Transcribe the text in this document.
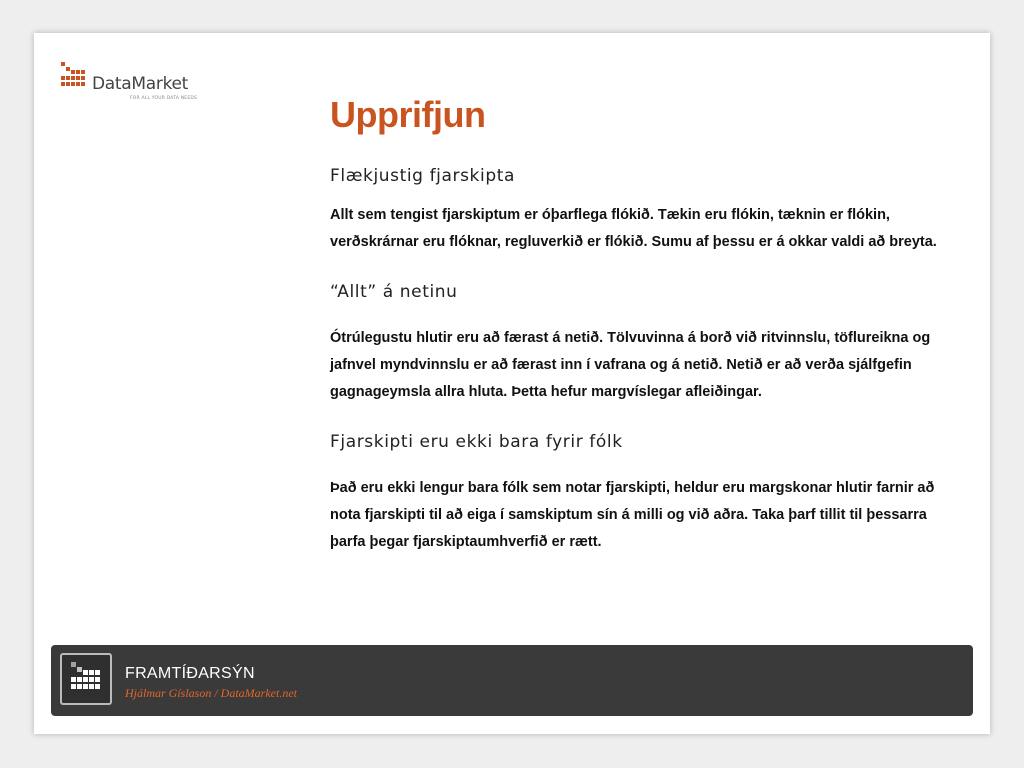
DataMarket
FOR ALL YOUR DATA NEEDS	Upprifjun
Flækjustig fjarskipta

Allt sem tengist fjarskiptum er óþarflega flókið. Tækin eru flókin, tæknin er flókin, verðskrárnar eru flóknar, regluverkið er flókið. Sumu af þessu er á okkar valdi að breyta.

“Allt” á netinu

Ótrúlegustu hlutir eru að færast á netið. Tölvuvinna á borð við ritvinnslu, töflureikna og jafnvel myndvinnslu er að færast inn í vafrana og á netið. Netið er að verða sjálfgefin gagnageymsla allra hluta. Þetta hefur margvíslegar afleiðingar.

Fjarskipti eru ekki bara fyrir fólk

Það eru ekki lengur bara fólk sem notar fjarskipti, heldur eru margskonar hlutir farnir að nota fjarskipti til að eiga í samskiptum sín á milli og við aðra. Taka þarf tillit til þessarra þarfa þegar fjarskiptaumhverfið er rætt.

FRAMTÍÐARSÝN
Hjálmar Gíslason / DataMarket.net
